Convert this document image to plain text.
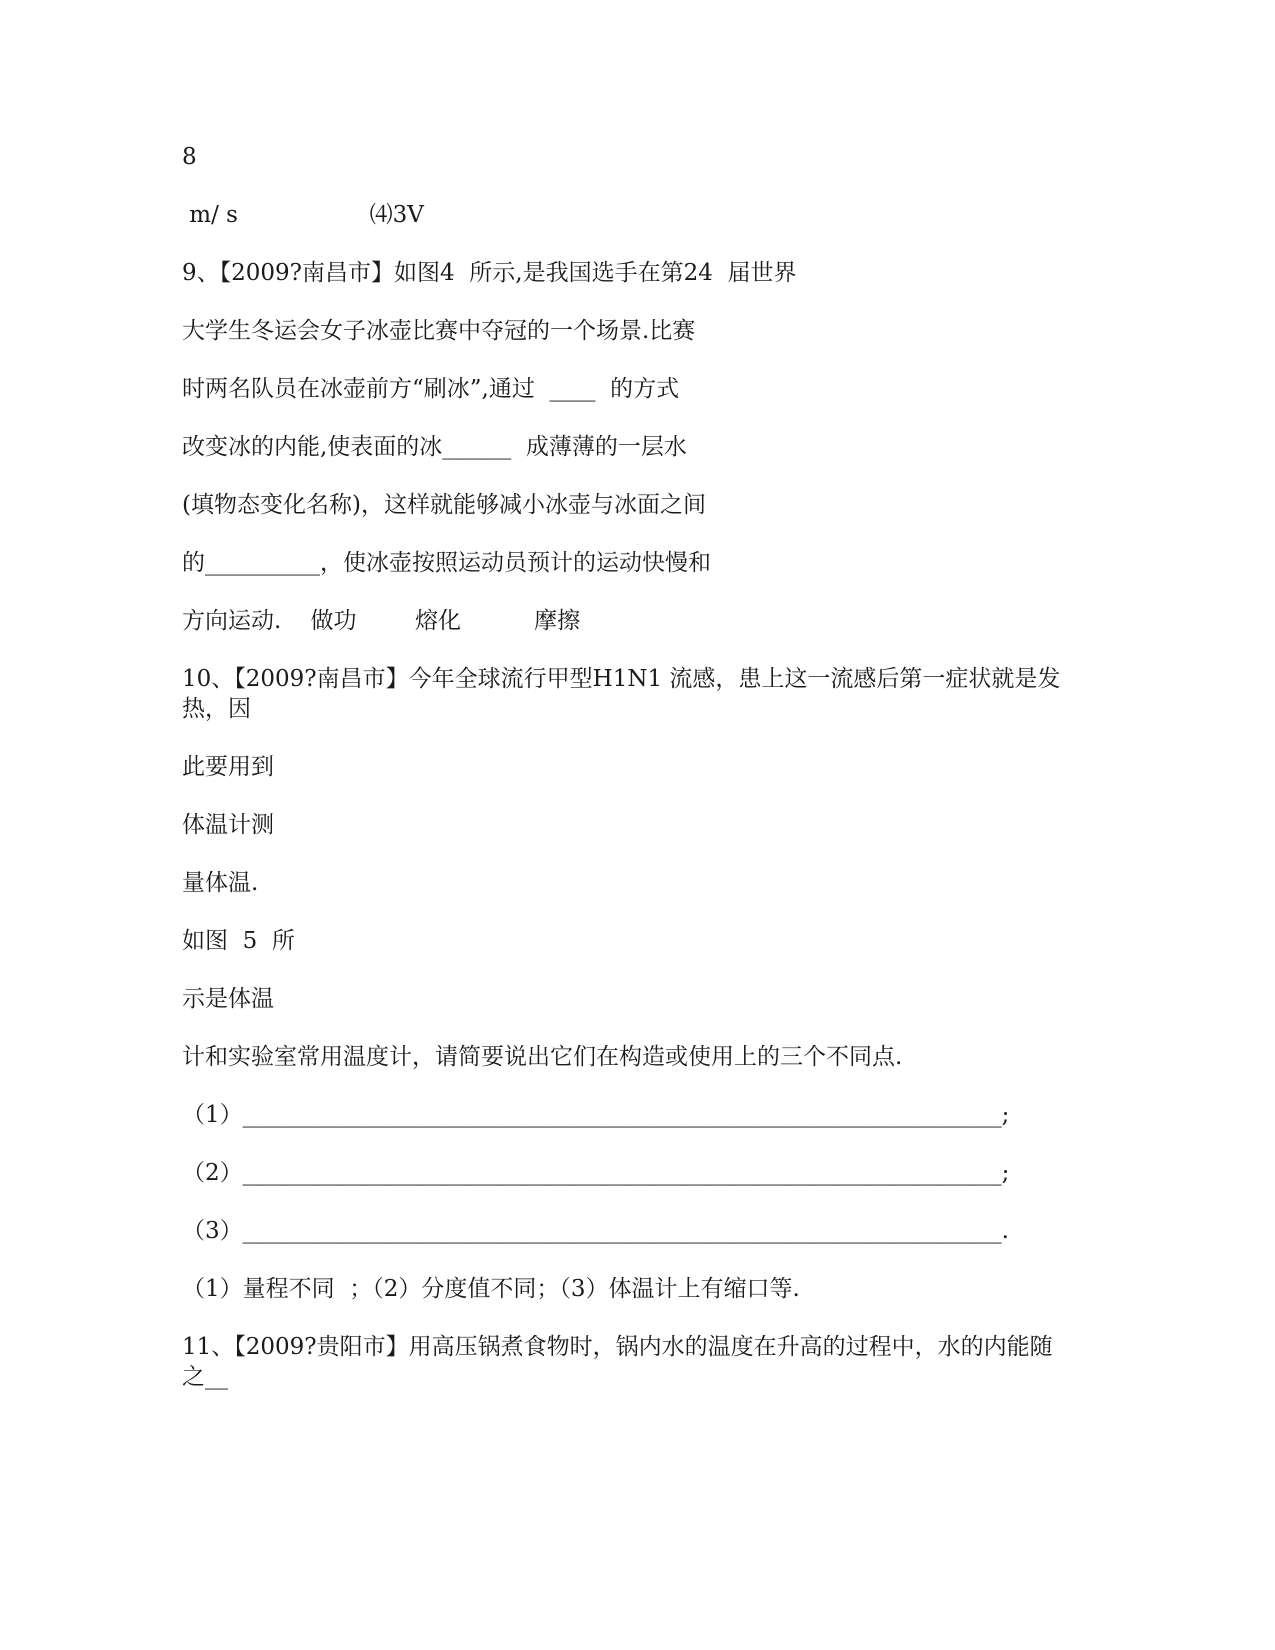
8
m/ s                  ⑷3V
9、【2009?南昌市】如图4  所示,是我国选手在第24  届世界
大学生冬运会女子冰壶比赛中夺冠的一个场景.比赛
时两名队员在冰壶前方“刷冰”,通过  ____  的方式
改变冰的内能,使表面的冰______  成薄薄的一层水
(填物态变化名称)，这样就能够减小冰壶与冰面之间
的__________，使冰壶按照运动员预计的运动快慢和
方向运动.    做功        熔化          摩擦
10、【2009?南昌市】今年全球流行甲型H1N1 流感，患上这一流感后第一症状就是发热，因
此要用到
体温计测
量体温.
如图  5  所
示是体温
计和实验室常用温度计，请简要说出它们在构造或使用上的三个不同点.
（1）__________________________________________________________________;
（2）__________________________________________________________________;
（3）__________________________________________________________________.
（1）量程不同  ；（2）分度值不同；（3）体温计上有缩口等.
11、【2009?贵阳市】用高压锅煮食物时，锅内水的温度在升高的过程中，水的内能随之__
